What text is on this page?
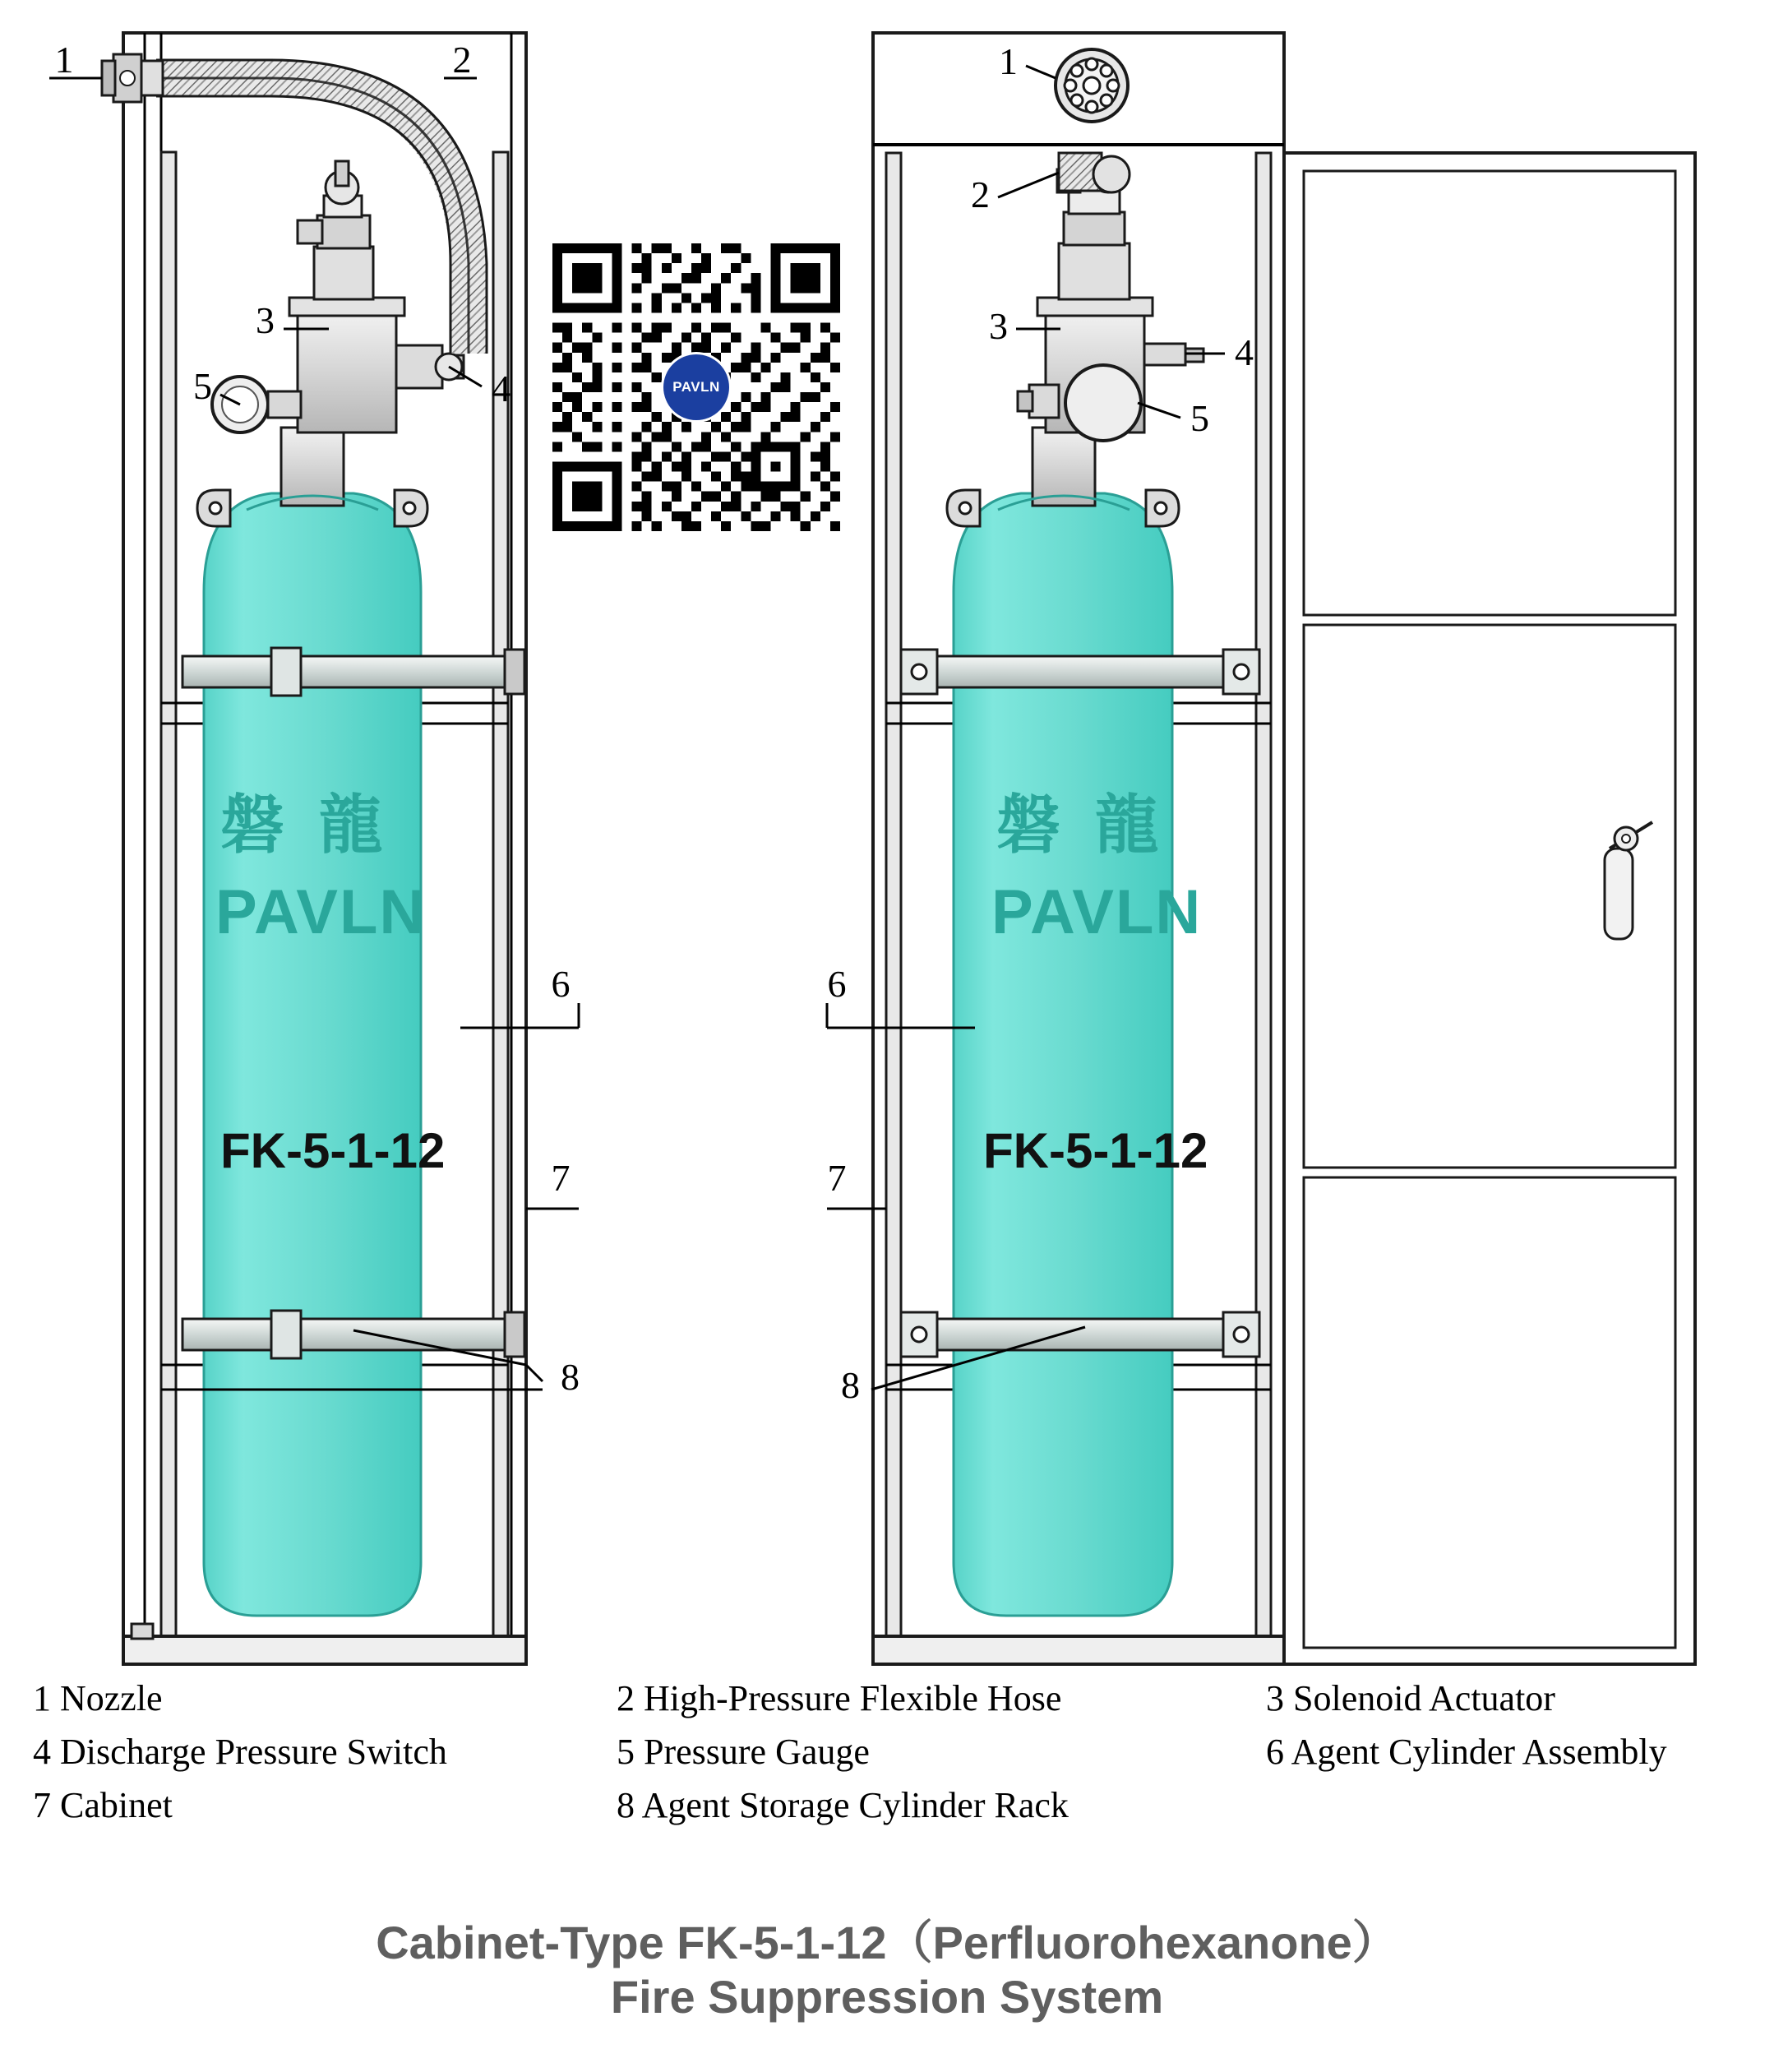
磐 龍
PAVLN
FK-5-1-12
1	2
3
4
5
6
7
8
磐 龍
PAVLN
FK-5-1-12
1
2
3
4
5
6
7
8
PAVLN
1 Nozzle	2 High-Pressure Flexible Hose	3 Solenoid Actuator
4 Discharge Pressure Switch	5 Pressure Gauge	6 Agent Cylinder Assembly
7 Cabinet	8 Agent Storage Cylinder Rack
Cabinet-Type FK-5-1-12（Perfluorohexanone）
Fire Suppression System
